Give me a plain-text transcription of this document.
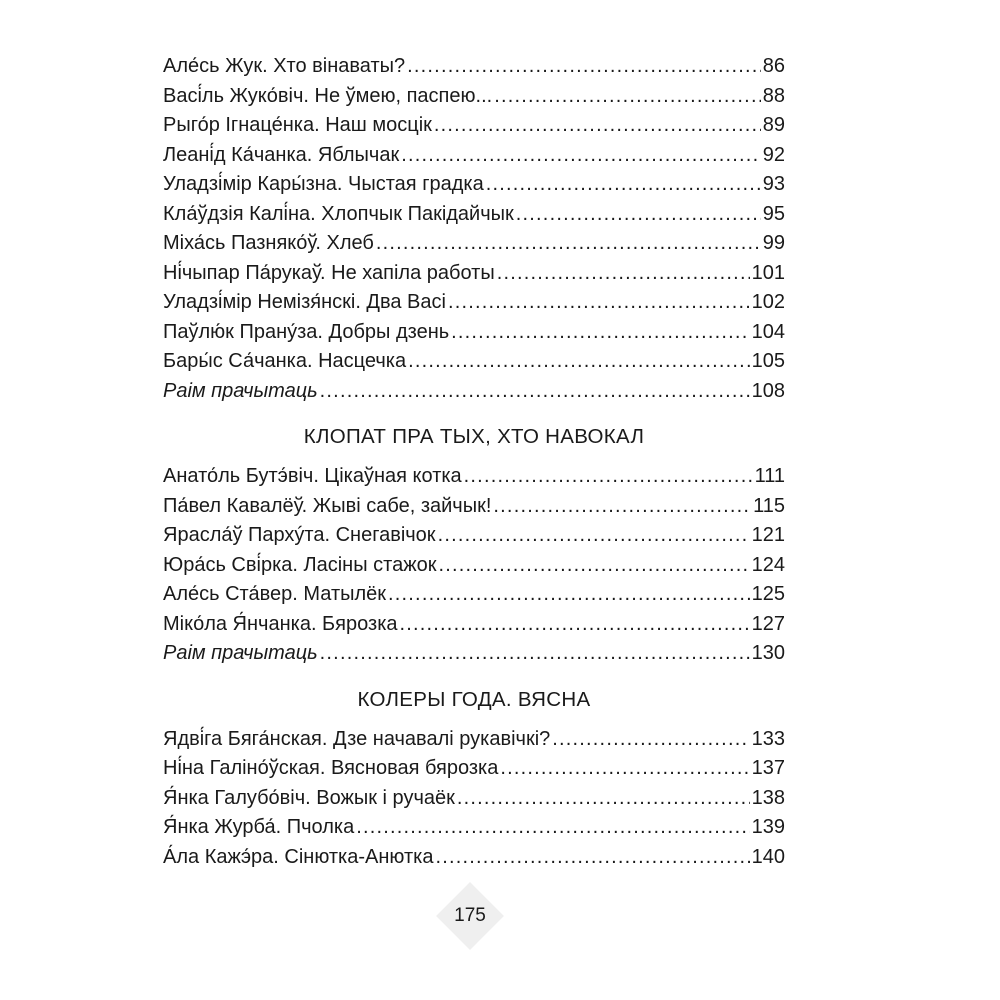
Але́сь Жук. Хто вінаваты? .....	86
Васі́ль Жуко́віч. Не ўмею, паспею... .....	88
Рыго́р Ігнаце́нка. Наш мосцік .....	89
Леані́д Ка́чанка. Яблычак .....	92
Уладзі́мір Кары́зна. Чыстая градка .....	93
Кла́ўдзія Калі́на. Хлопчык Пакідайчык .....	95
Міха́сь Пазняко́ў. Хлеб .....	99
Ні́чыпар Па́рукаў. Не хапіла работы .....	101
Уладзі́мір Немізя́нскі. Два Васі .....	102
Паўлю́к Прану́за. Добры дзень .....	104
Бары́с Са́чанка. Насцечка .....	105
Раім прачытаць .....	108
КЛОПАТ ПРА ТЫХ, ХТО НАВОКАЛ
Анато́ль Бутэ́віч. Цікаўная котка .....	111
Па́вел Кавалёў. Жыві сабе, зайчык! .....	115
Яраcла́ў Пархýта. Снегавічок .....	121
Юра́сь Сві́рка. Ласіны стажок .....	124
Але́сь Ста́вер. Матылёк .....	125
Міко́ла Я́нчанка. Бярозка .....	127
Раім прачытаць .....	130
КОЛЕРЫ ГОДА. ВЯСНА
Ядві́га Бяга́нская. Дзе начавалі рукавічкі? .....	133
Ні́на Галіно́ўская. Вясновая бярозка .....	137
Я́нка Галубо́віч. Вожык і ручаёк .....	138
Я́нка Журба́. Пчолка .....	139
А́ла Кажэ́ра. Сінютка-Анютка .....	140
175
